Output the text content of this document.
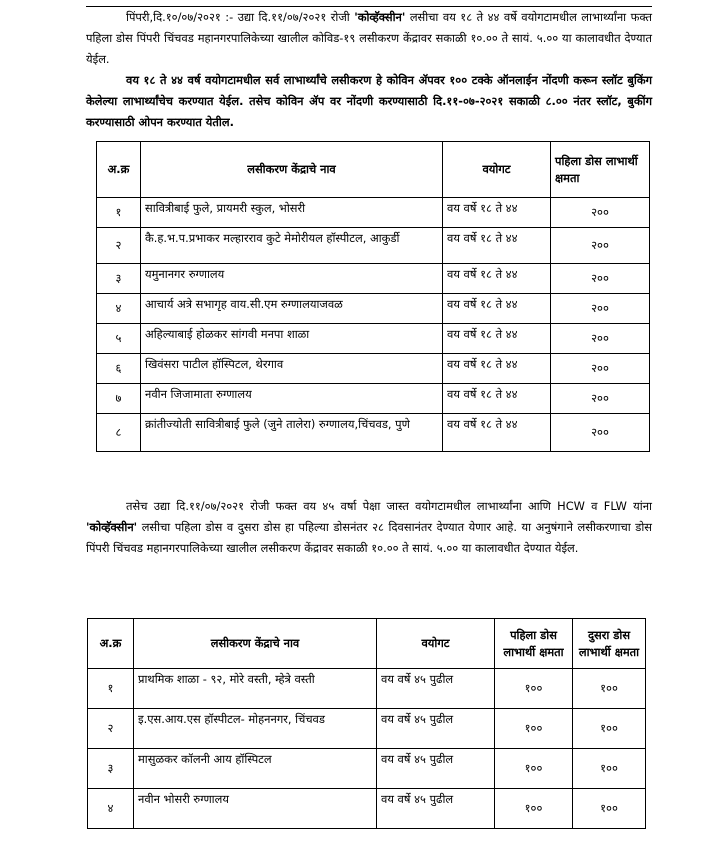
पिंपरी,दि.१०/०७/२०२१ :- उद्या दि.११/०७/२०२१ रोजी 'कोव्हॅक्सीन' लसीचा वय १८ ते ४४ वर्षे वयोगटामधील लाभार्थ्यांना फक्त पहिला डोस पिंपरी चिंचवड महानगरपालिकेच्या खालील कोविड-१९ लसीकरण केंद्रावर सकाळी १०.०० ते सायं. ५.०० या कालावधीत देण्यात येईल.

वय १८ ते ४४ वर्ष वयोगटामधील सर्व लाभार्थ्यांचे लसीकरण हे कोविन ॲपवर १०० टक्के ऑनलाईन नोंदणी करून स्लॉट बुकिंग केलेल्या लाभार्थ्यांचेच करण्यात येईल. तसेच कोविन ॲप वर नोंदणी करण्यासाठी दि.११-०७-२०२१ सकाळी ८.०० नंतर स्लॉट, बुकींग करण्यासाठी ओपन करण्यात येतील.

अ.क्र	लसीकरण केंद्राचे नाव	वयोगट	पहिला डोस लाभार्थी क्षमता
१	सावित्रीबाई फुले, प्रायमरी स्कुल, भोसरी	वय वर्षे १८ ते ४४	२००
२	कै.ह.भ.प.प्रभाकर मल्हारराव कुटे मेमोरीयल हॉस्पीटल, आकुर्डी	वय वर्षे १८ ते ४४	२००
३	यमुनानगर रुग्णालय	वय वर्षे १८ ते ४४	२००
४	आचार्य अत्रे सभागृह वाय.सी.एम रुग्णालयाजवळ	वय वर्षे १८ ते ४४	२००
५	अहिल्याबाई होळकर सांगवी मनपा शाळा	वय वर्षे १८ ते ४४	२००
६	खिवंसरा पाटील हॉस्पिटल, थेरगाव	वय वर्षे १८ ते ४४	२००
७	नवीन जिजामाता रुग्णालय	वय वर्षे १८ ते ४४	२००
८	क्रांतीज्योती सावित्रीबाई फुले (जुने तालेरा) रुग्णालय,चिंचवड, पुणे	वय वर्षे १८ ते ४४	२००

तसेच उद्या दि.११/०७/२०२१ रोजी फक्त वय ४५ वर्षा पेक्षा जास्त वयोगटामधील लाभार्थ्यांना आणि HCW व FLW यांना 'कोव्हॅक्सीन' लसीचा पहिला डोस व दुसरा डोस हा पहिल्या डोसनंतर २८ दिवसानंतर देण्यात येणार आहे. या अनुषंगाने लसीकरणाचा डोस पिंपरी चिंचवड महानगरपालिकेच्या खालील लसीकरण केंद्रावर सकाळी १०.०० ते सायं. ५.०० या कालावधीत देण्यात येईल.

अ.क्र	लसीकरण केंद्राचे नाव	वयोगट	पहिला डोस लाभार्थी क्षमता	दुसरा डोस लाभार्थी क्षमता
१	प्राथमिक शाळा - ९२, मोरे वस्ती, म्हेत्रे वस्ती	वय वर्षे ४५ पुढील	१००	१००
२	इ.एस.आय.एस हॉस्पीटल- मोहननगर, चिंचवड	वय वर्षे ४५ पुढील	१००	१००
३	मासुळकर कॉलनी आय हॉस्पिटल	वय वर्षे ४५ पुढील	१००	१००
४	नवीन भोसरी रुग्णालय	वय वर्षे ४५ पुढील	१००	१००
